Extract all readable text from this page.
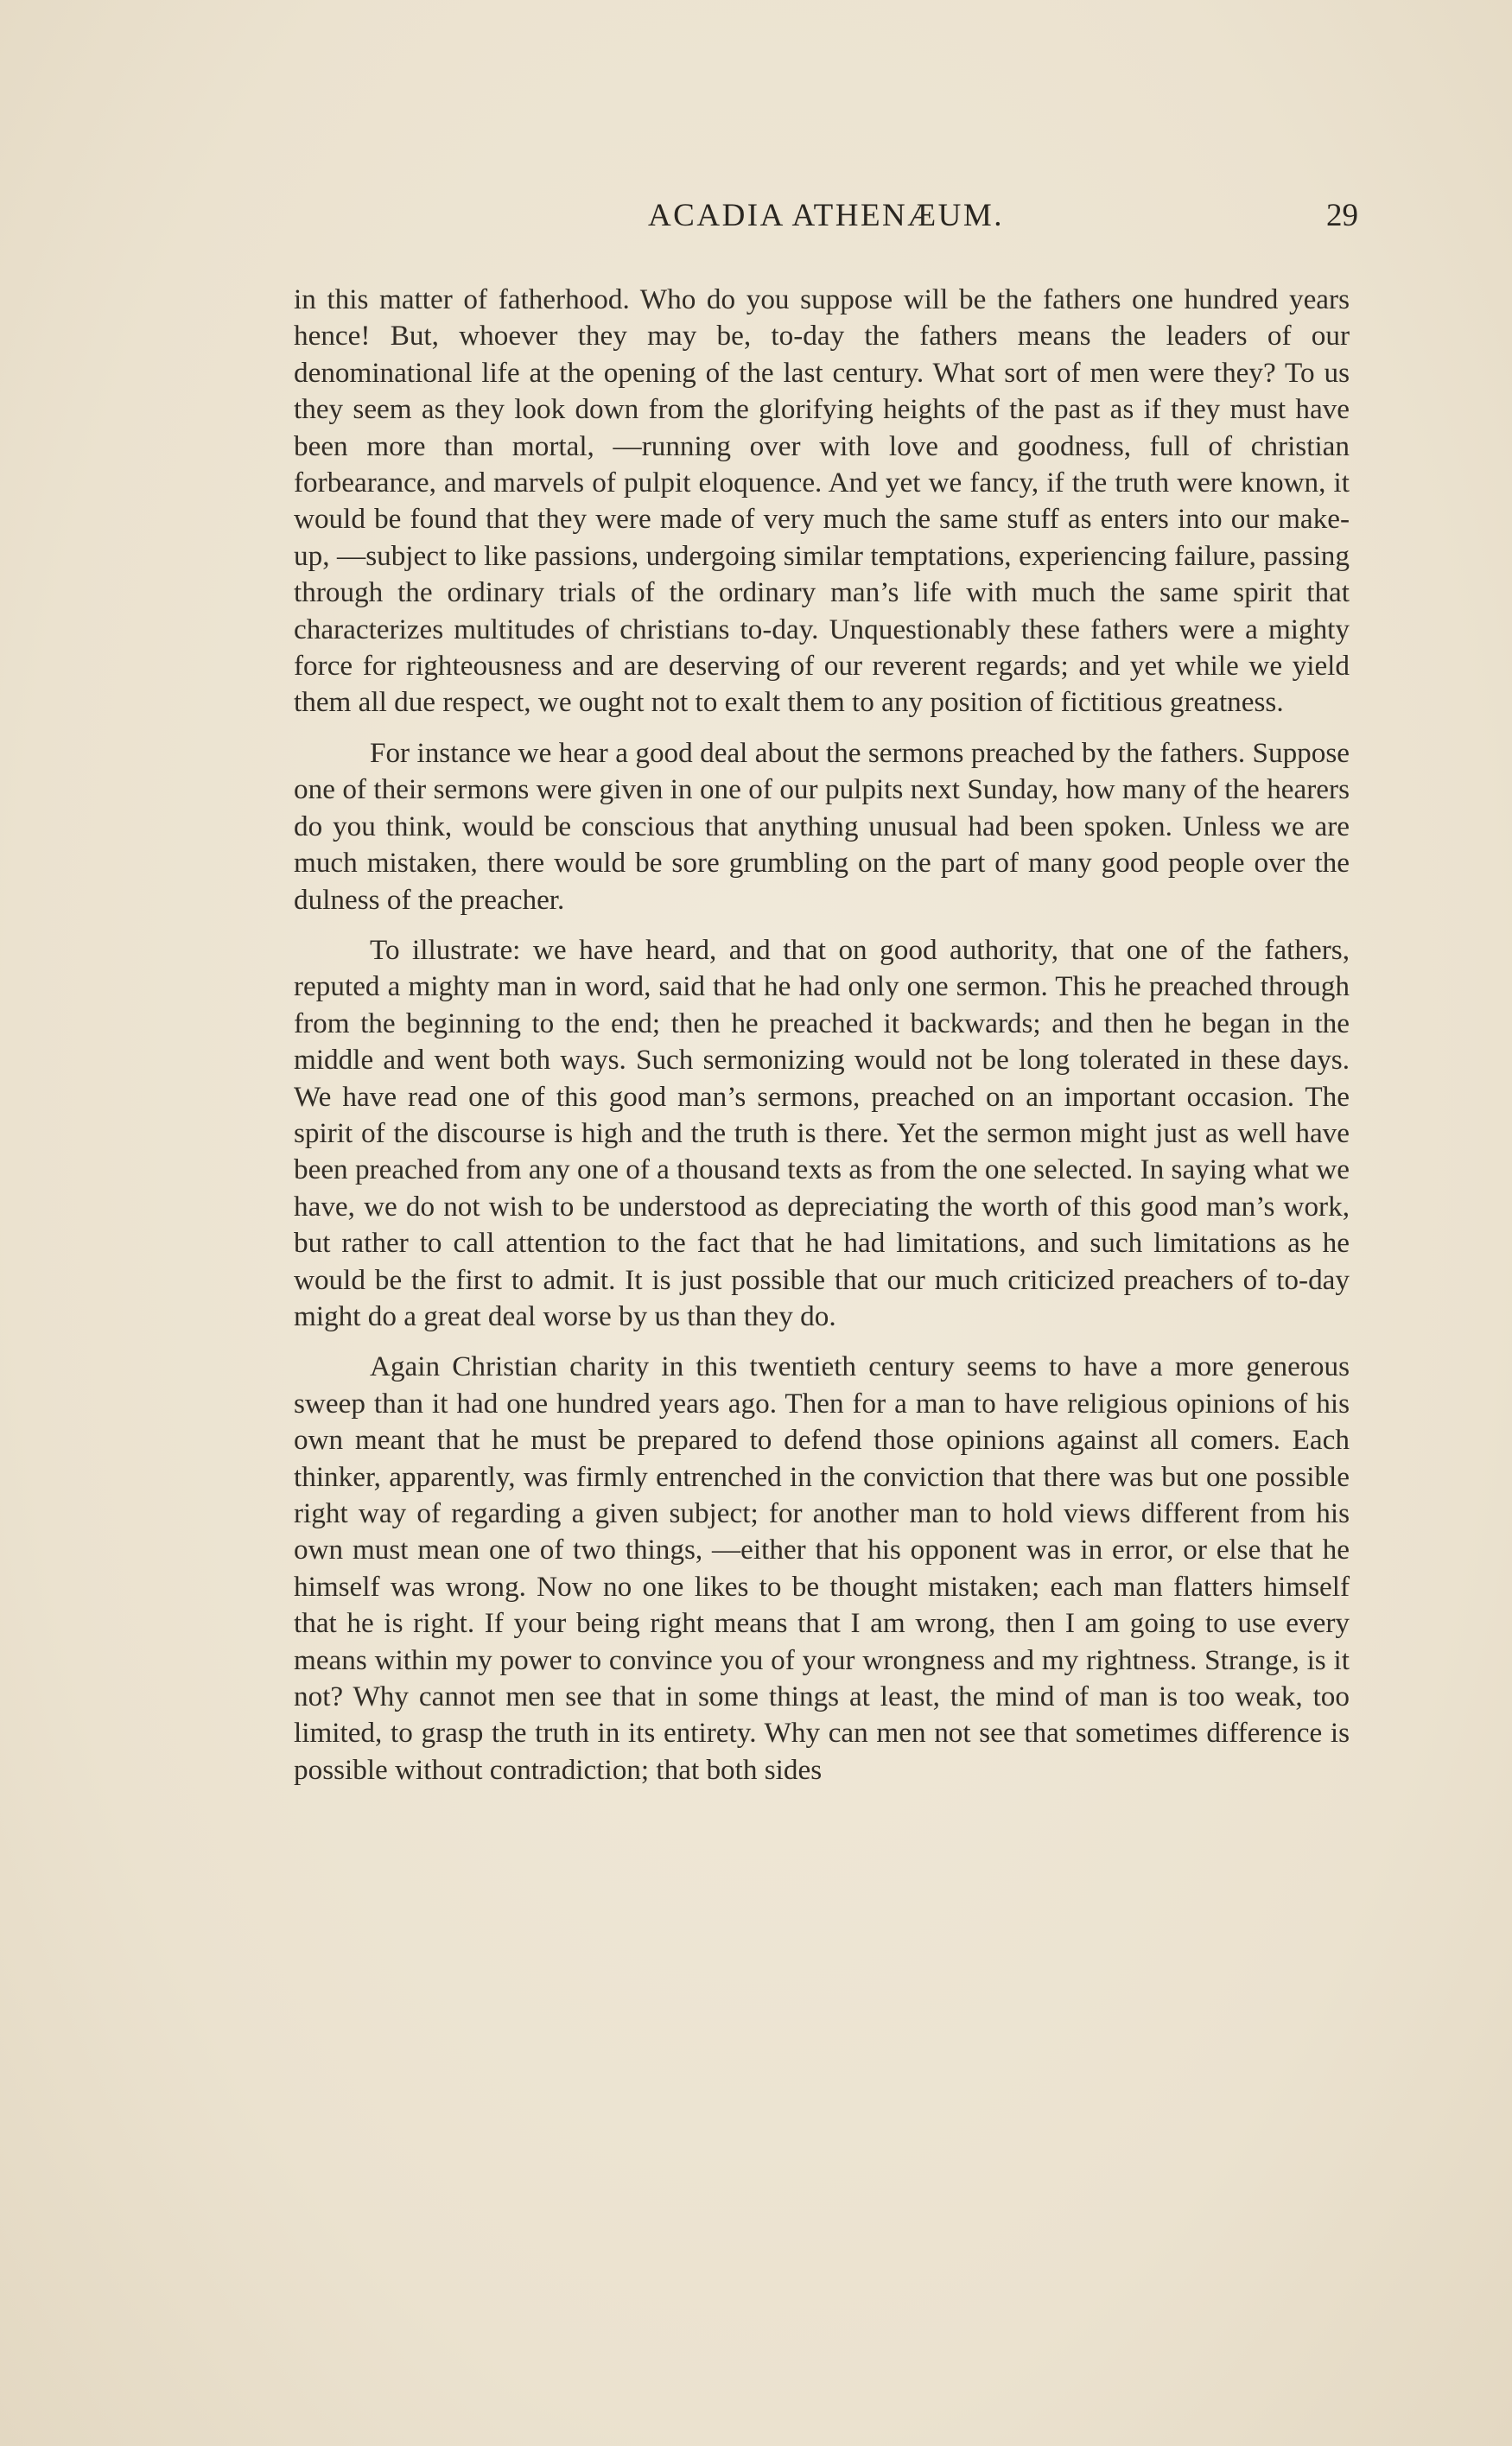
ACADIA ATHENÆUM.	29

in this matter of fatherhood. Who do you suppose will be the fathers one hundred years hence! But, whoever they may be, to-day the fathers means the leaders of our denominational life at the opening of the last century. What sort of men were they? To us they seem as they look down from the glorifying heights of the past as if they must have been more than mortal, —running over with love and goodness, full of christian forbearance, and marvels of pulpit eloquence. And yet we fancy, if the truth were known, it would be found that they were made of very much the same stuff as enters into our make-up, —subject to like passions, undergoing similar temptations, experiencing failure, passing through the ordinary trials of the ordinary man’s life with much the same spirit that characterizes multitudes of christians to-day. Unquestionably these fathers were a mighty force for righteousness and are deserving of our reverent regards; and yet while we yield them all due respect, we ought not to exalt them to any position of fictitious greatness.

For instance we hear a good deal about the sermons preached by the fathers. Suppose one of their sermons were given in one of our pulpits next Sunday, how many of the hearers do you think, would be conscious that anything unusual had been spoken. Unless we are much mistaken, there would be sore grumbling on the part of many good people over the dulness of the preacher.

To illustrate: we have heard, and that on good authority, that one of the fathers, reputed a mighty man in word, said that he had only one sermon. This he preached through from the beginning to the end; then he preached it backwards; and then he began in the middle and went both ways. Such sermonizing would not be long tolerated in these days. We have read one of this good man’s sermons, preached on an important occasion. The spirit of the discourse is high and the truth is there. Yet the sermon might just as well have been preached from any one of a thousand texts as from the one selected. In saying what we have, we do not wish to be understood as depreciating the worth of this good man’s work, but rather to call attention to the fact that he had limitations, and such limitations as he would be the first to admit. It is just possible that our much criticized preachers of to-day might do a great deal worse by us than they do.

Again Christian charity in this twentieth century seems to have a more generous sweep than it had one hundred years ago. Then for a man to have religious opinions of his own meant that he must be prepared to defend those opinions against all comers. Each thinker, apparently, was firmly entrenched in the conviction that there was but one possible right way of regarding a given subject; for another man to hold views different from his own must mean one of two things, —either that his opponent was in error, or else that he himself was wrong. Now no one likes to be thought mistaken; each man flatters himself that he is right. If your being right means that I am wrong, then I am going to use every means within my power to convince you of your wrongness and my rightness. Strange, is it not? Why cannot men see that in some things at least, the mind of man is too weak, too limited, to grasp the truth in its entirety. Why can men not see that sometimes difference is possible without contradiction; that both sides
